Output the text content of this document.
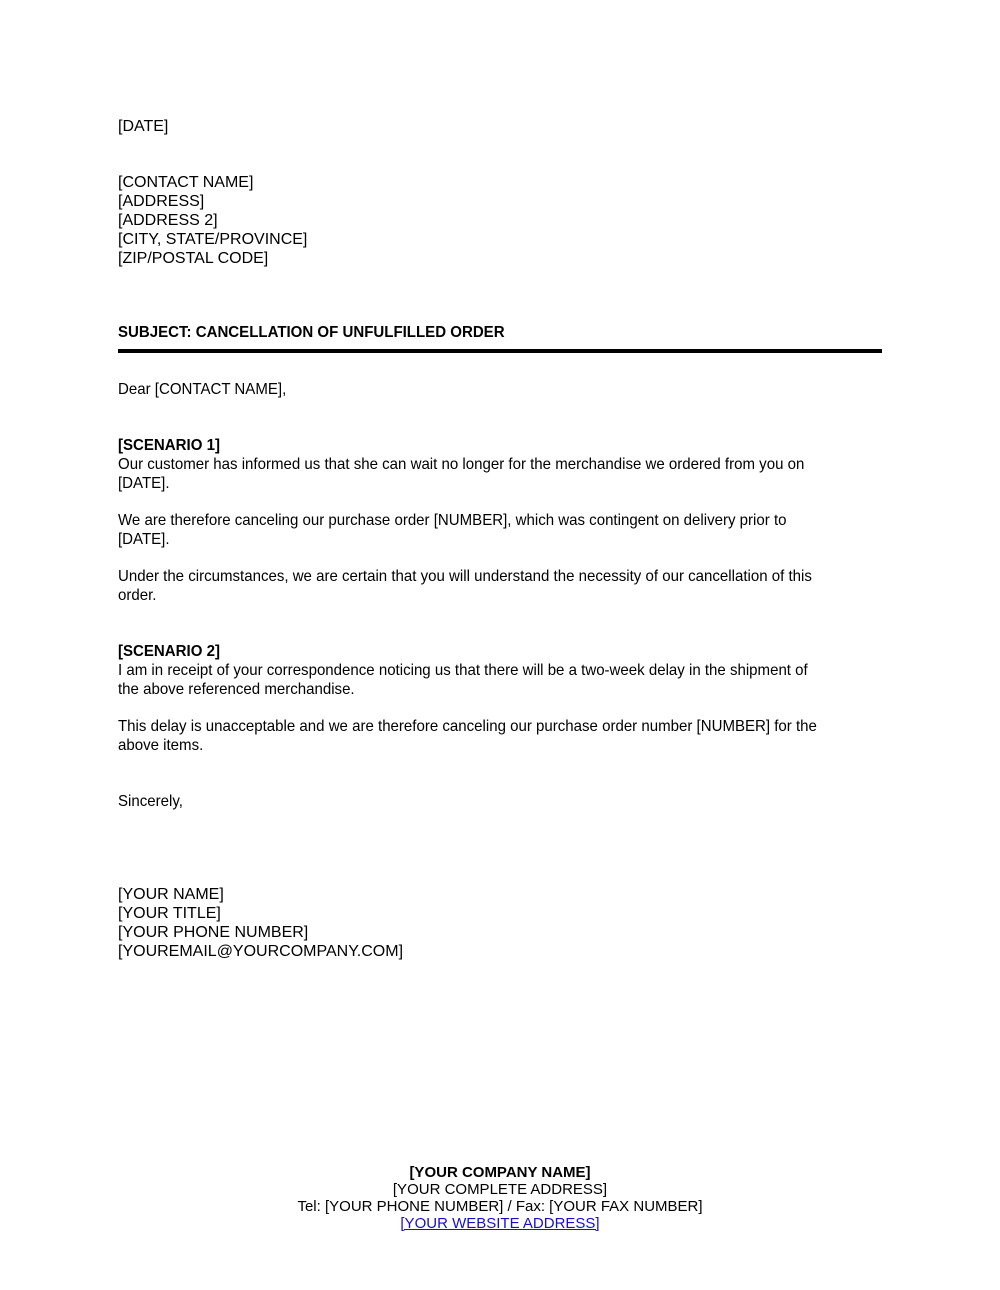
[DATE]
[CONTACT NAME]
[ADDRESS]
[ADDRESS 2]
[CITY, STATE/PROVINCE]
[ZIP/POSTAL CODE]
SUBJECT: CANCELLATION OF UNFULFILLED ORDER
Dear [CONTACT NAME],
[SCENARIO 1]
Our customer has informed us that she can wait no longer for the merchandise we ordered from you on
[DATE].
We are therefore canceling our purchase order [NUMBER], which was contingent on delivery prior to
[DATE].
Under the circumstances, we are certain that you will understand the necessity of our cancellation of this
order.
[SCENARIO 2]
I am in receipt of your correspondence noticing us that there will be a two-week delay in the shipment of
the above referenced merchandise.
This delay is unacceptable and we are therefore canceling our purchase order number [NUMBER] for the
above items.
Sincerely,
[YOUR NAME]
[YOUR TITLE]
[YOUR PHONE NUMBER]
[YOUREMAIL@YOURCOMPANY.COM]
[YOUR COMPANY NAME]
[YOUR COMPLETE ADDRESS]
Tel: [YOUR PHONE NUMBER] / Fax: [YOUR FAX NUMBER]
[YOUR WEBSITE ADDRESS]
